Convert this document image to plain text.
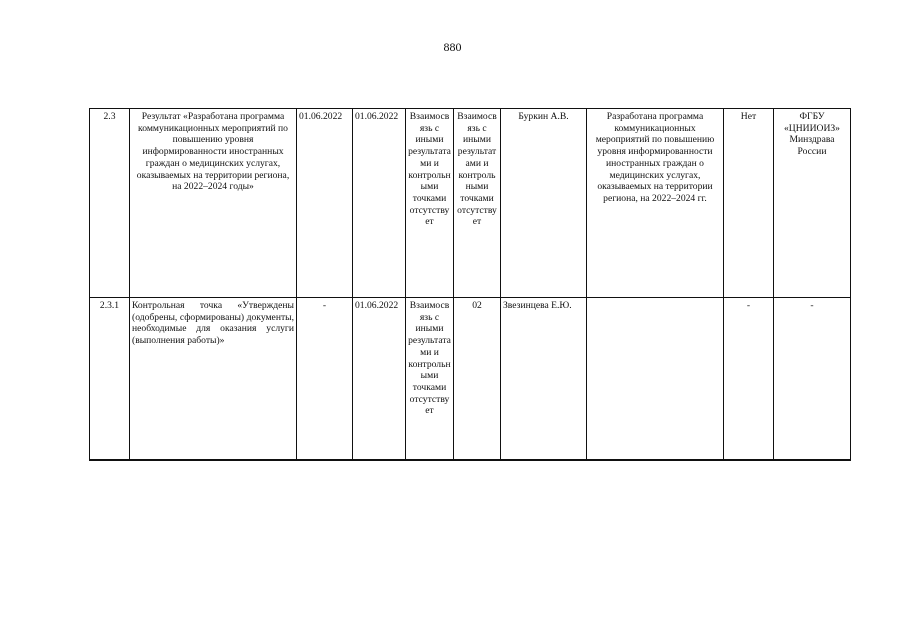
880
2.3	Результат «Разработана программа коммуникационных мероприятий по повышению уровня информированности иностранных граждан о медицинских услугах, оказываемых на территории региона, на 2022–2024 годы»	01.06.2022	01.06.2022	Взаимосвязь с иными результатами и контрольными точками отсутствует	Взаимосвязь с иными результатами и контрольными точками отсутствует	Буркин А.В.	Разработана программа коммуникационных мероприятий по повышению уровня информированности иностранных граждан о медицинских услугах, оказываемых на территории региона, на 2022–2024 гг.	Нет	ФГБУ «ЦНИИОИЗ» Минздрава России
2.3.1	Контрольная точка «Утверждены (одобрены, сформированы) документы, необходимые для оказания услуги (выполнения работы)»	-	01.06.2022	Взаимосвязь с иными результатами и контрольными точками отсутствует	02	Звезинцева Е.Ю.		-	-
